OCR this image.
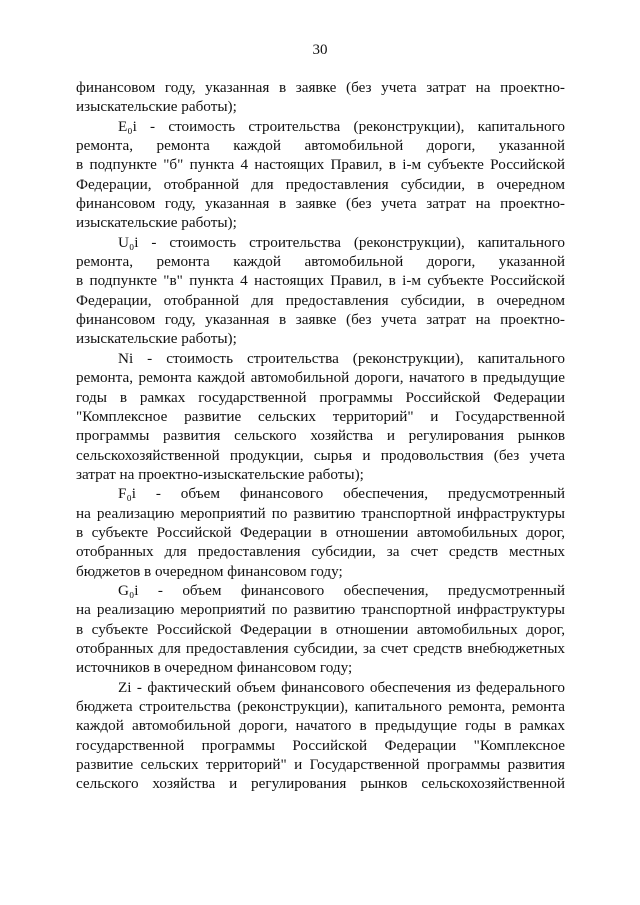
30
финансовом году, указанная в заявке (без учета затрат на проектно-
изыскательские работы);
E₀i - стоимость строительства (реконструкции), капитального
ремонта, ремонта каждой автомобильной дороги, указанной
в подпункте "б" пункта 4 настоящих Правил, в i-м субъекте Российской
Федерации, отобранной для предоставления субсидии, в очередном
финансовом году, указанная в заявке (без учета затрат на проектно-
изыскательские работы);
U₀i - стоимость строительства (реконструкции), капитального
ремонта, ремонта каждой автомобильной дороги, указанной
в подпункте "в" пункта 4 настоящих Правил, в i-м субъекте Российской
Федерации, отобранной для предоставления субсидии, в очередном
финансовом году, указанная в заявке (без учета затрат на проектно-
изыскательские работы);
Ni - стоимость строительства (реконструкции), капитального
ремонта, ремонта каждой автомобильной дороги, начатого в предыдущие
годы в рамках государственной программы Российской Федерации
"Комплексное развитие сельских территорий" и Государственной
программы развития сельского хозяйства и регулирования рынков
сельскохозяйственной продукции, сырья и продовольствия (без учета
затрат на проектно-изыскательские работы);
F₀i - объем финансового обеспечения, предусмотренный
на реализацию мероприятий по развитию транспортной инфраструктуры
в субъекте Российской Федерации в отношении автомобильных дорог,
отобранных для предоставления субсидии, за счет средств местных
бюджетов в очередном финансовом году;
G₀i - объем финансового обеспечения, предусмотренный
на реализацию мероприятий по развитию транспортной инфраструктуры
в субъекте Российской Федерации в отношении автомобильных дорог,
отобранных для предоставления субсидии, за счет средств внебюджетных
источников в очередном финансовом году;
Zi - фактический объем финансового обеспечения из федерального
бюджета строительства (реконструкции), капитального ремонта, ремонта
каждой автомобильной дороги, начатого в предыдущие годы в рамках
государственной программы Российской Федерации "Комплексное
развитие сельских территорий" и Государственной программы развития
сельского хозяйства и регулирования рынков сельскохозяйственной
